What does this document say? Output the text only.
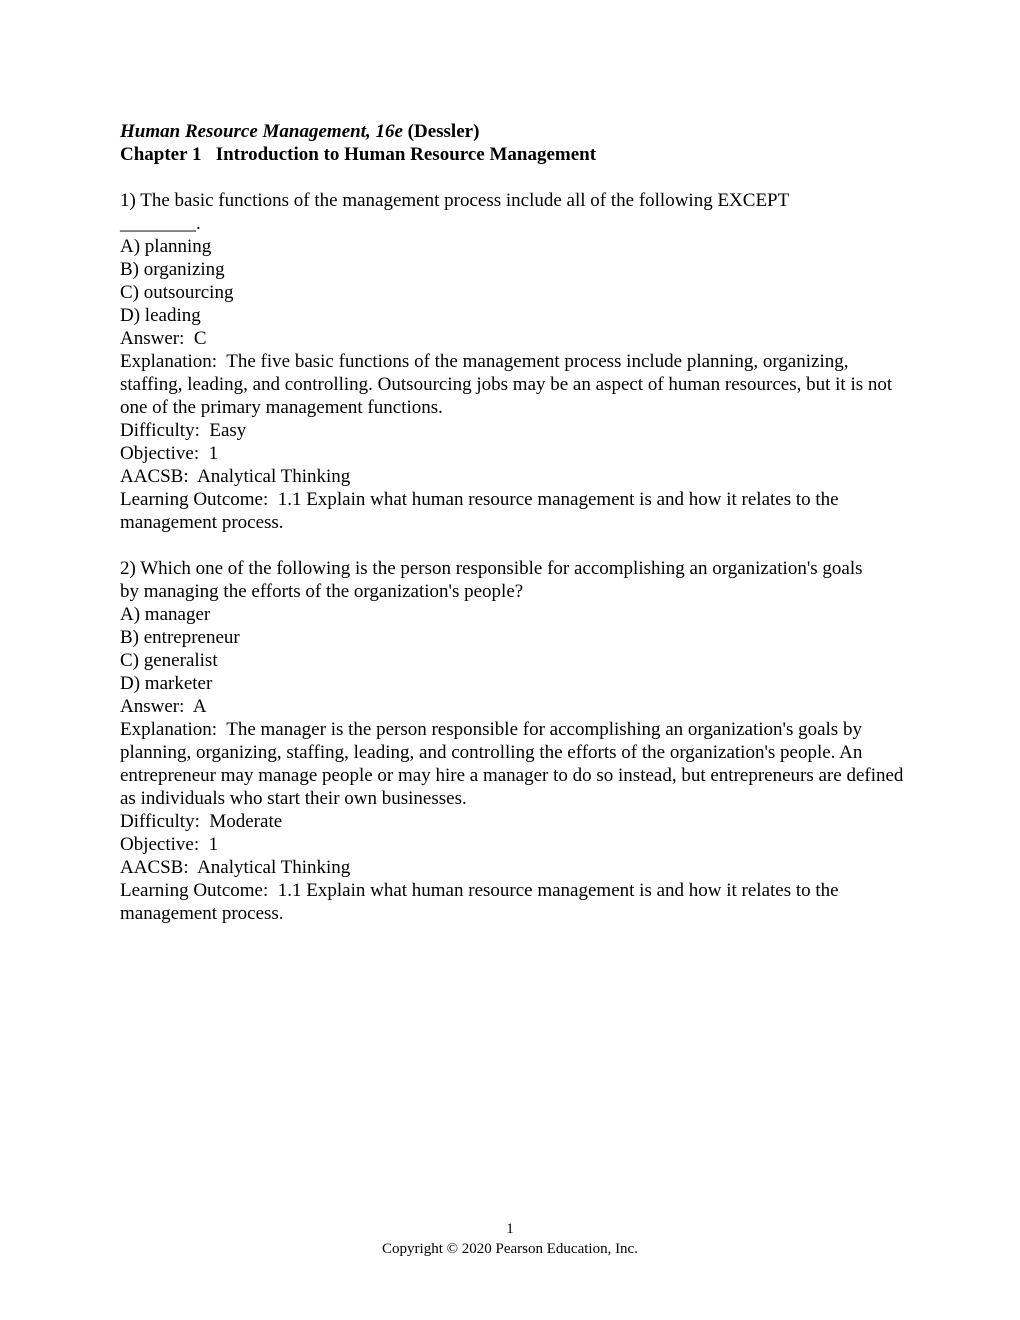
Human Resource Management, 16e (Dessler)
Chapter 1   Introduction to Human Resource Management
1) The basic functions of the management process include all of the following EXCEPT ________.
A) planning
B) organizing
C) outsourcing
D) leading
Answer:  C
Explanation:  The five basic functions of the management process include planning, organizing, staffing, leading, and controlling. Outsourcing jobs may be an aspect of human resources, but it is not one of the primary management functions.
Difficulty:  Easy
Objective:  1
AACSB:  Analytical Thinking
Learning Outcome:  1.1 Explain what human resource management is and how it relates to the management process.
2) Which one of the following is the person responsible for accomplishing an organization's goals by managing the efforts of the organization's people?
A) manager
B) entrepreneur
C) generalist
D) marketer
Answer:  A
Explanation:  The manager is the person responsible for accomplishing an organization's goals by planning, organizing, staffing, leading, and controlling the efforts of the organization's people. An entrepreneur may manage people or may hire a manager to do so instead, but entrepreneurs are defined as individuals who start their own businesses.
Difficulty:  Moderate
Objective:  1
AACSB:  Analytical Thinking
Learning Outcome:  1.1 Explain what human resource management is and how it relates to the management process.
1
Copyright © 2020 Pearson Education, Inc.
